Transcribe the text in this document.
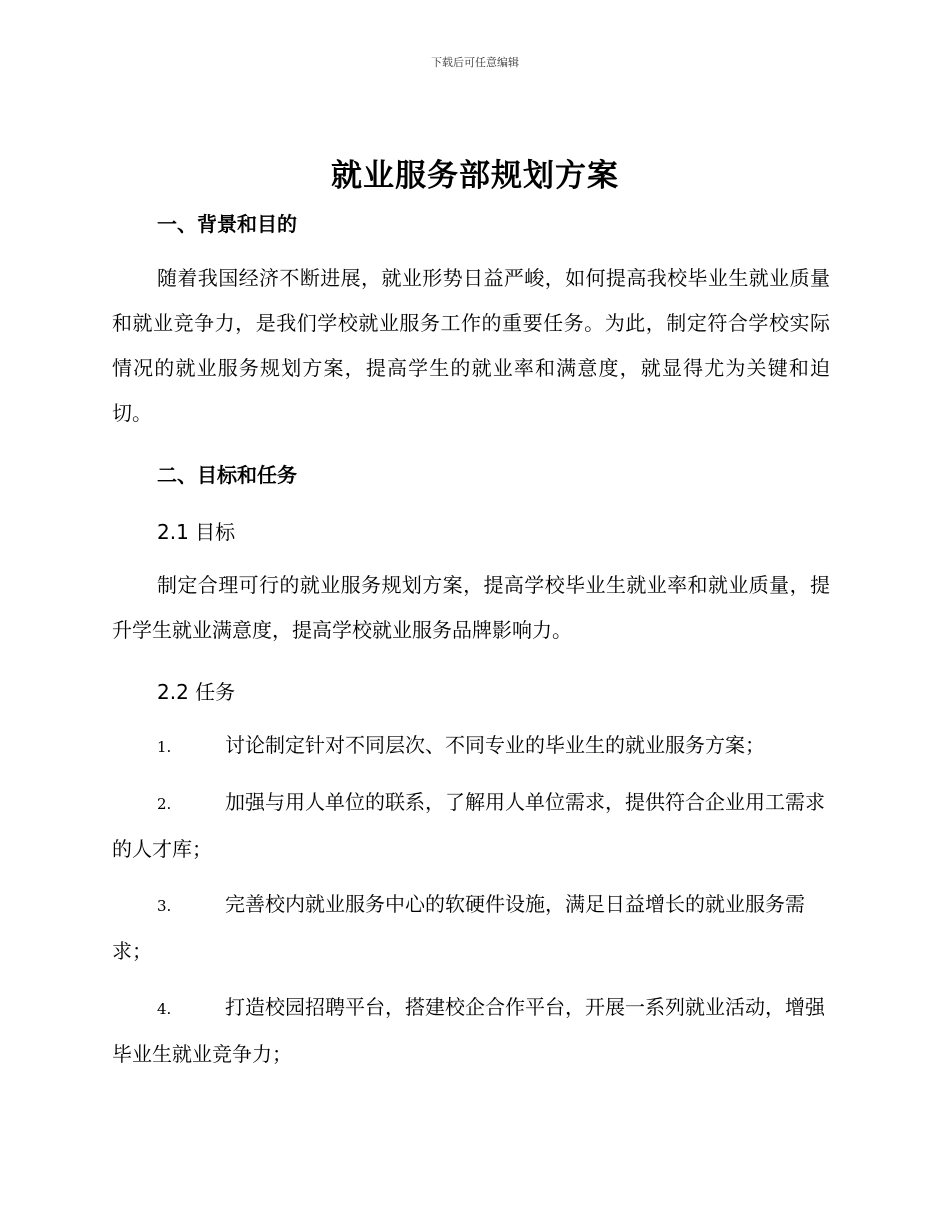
下载后可任意编辑
就业服务部规划方案
一、背景和目的
随着我国经济不断进展，就业形势日益严峻，如何提高我校毕业生就业质量和就业竞争力，是我们学校就业服务工作的重要任务。为此，制定符合学校实际情况的就业服务规划方案，提高学生的就业率和满意度，就显得尤为关键和迫切。
二、目标和任务
2.1 目标
制定合理可行的就业服务规划方案，提高学校毕业生就业率和就业质量，提升学生就业满意度，提高学校就业服务品牌影响力。
2.2 任务
1.	讨论制定针对不同层次、不同专业的毕业生的就业服务方案；
2.	加强与用人单位的联系，了解用人单位需求，提供符合企业用工需求的人才库；
3.	完善校内就业服务中心的软硬件设施，满足日益增长的就业服务需求；
4.	打造校园招聘平台，搭建校企合作平台，开展一系列就业活动，增强毕业生就业竞争力；
